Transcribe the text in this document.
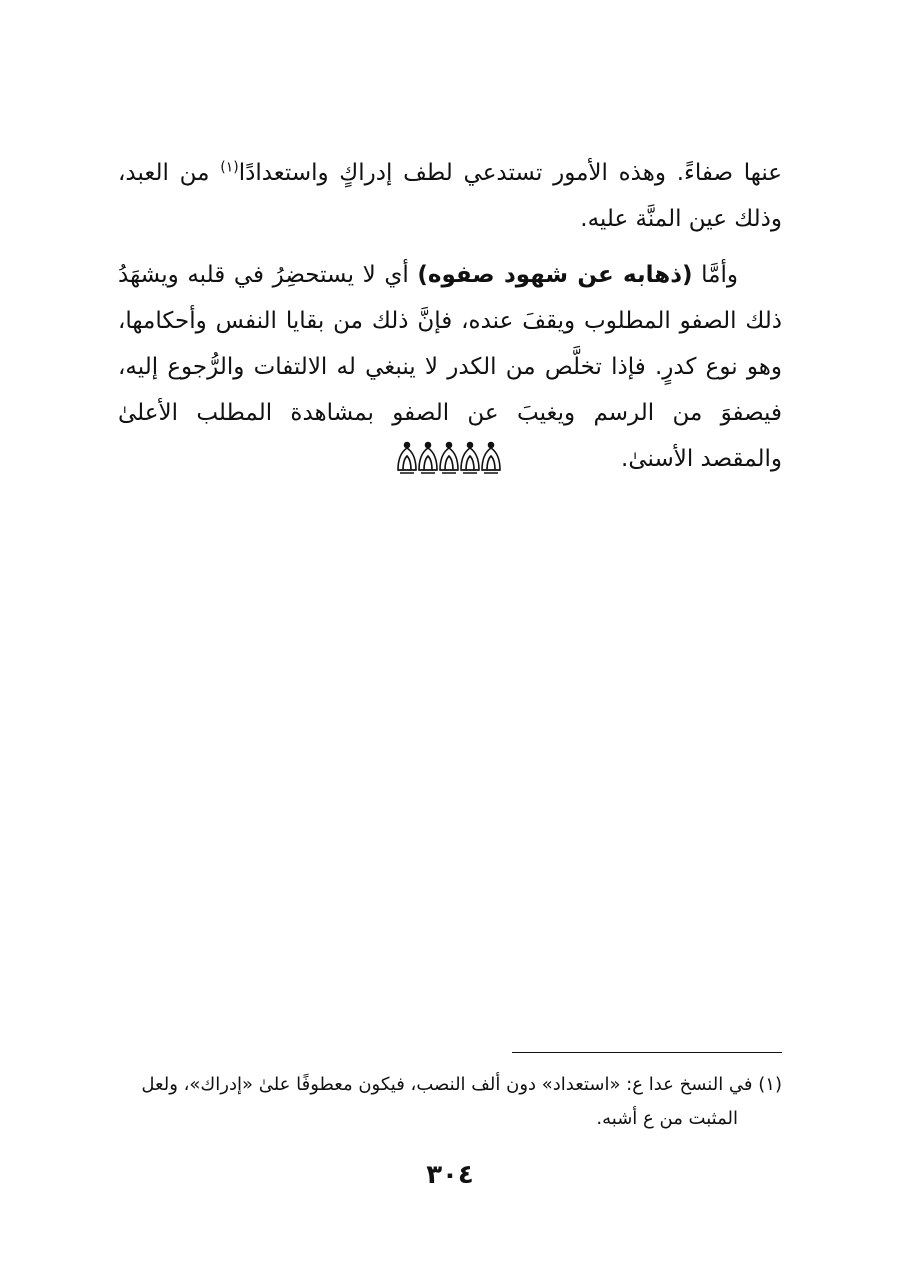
عنها صفاءً. وهذه الأمور تستدعي لطف إدراكٍ واستعدادًا$^{(١)}$ من العبد، وذلك عين المنَّة عليه.

وأمَّا (ذهابه عن شهود صفوه) أي لا يستحضِرُ في قلبه ويشهَدُ ذلك الصفو المطلوب ويقفَ عنده، فإنَّ ذلك من بقايا النفس وأحكامها، وهو نوع كدرٍ. فإذا تخلَّص من الكدر لا ينبغي له الالتفات والرُّجوع إليه، فيصفوَ من الرسم ويغيبَ عن الصفو بمشاهدة المطلب الأعلىٰ والمقصد الأسنىٰ.

(١) في النسخ عدا ع: «استعداد» دون ألف النصب، فيكون معطوفًا علىٰ «إدراك»، ولعل
المثبت من ع أشبه.
٣٠٤
